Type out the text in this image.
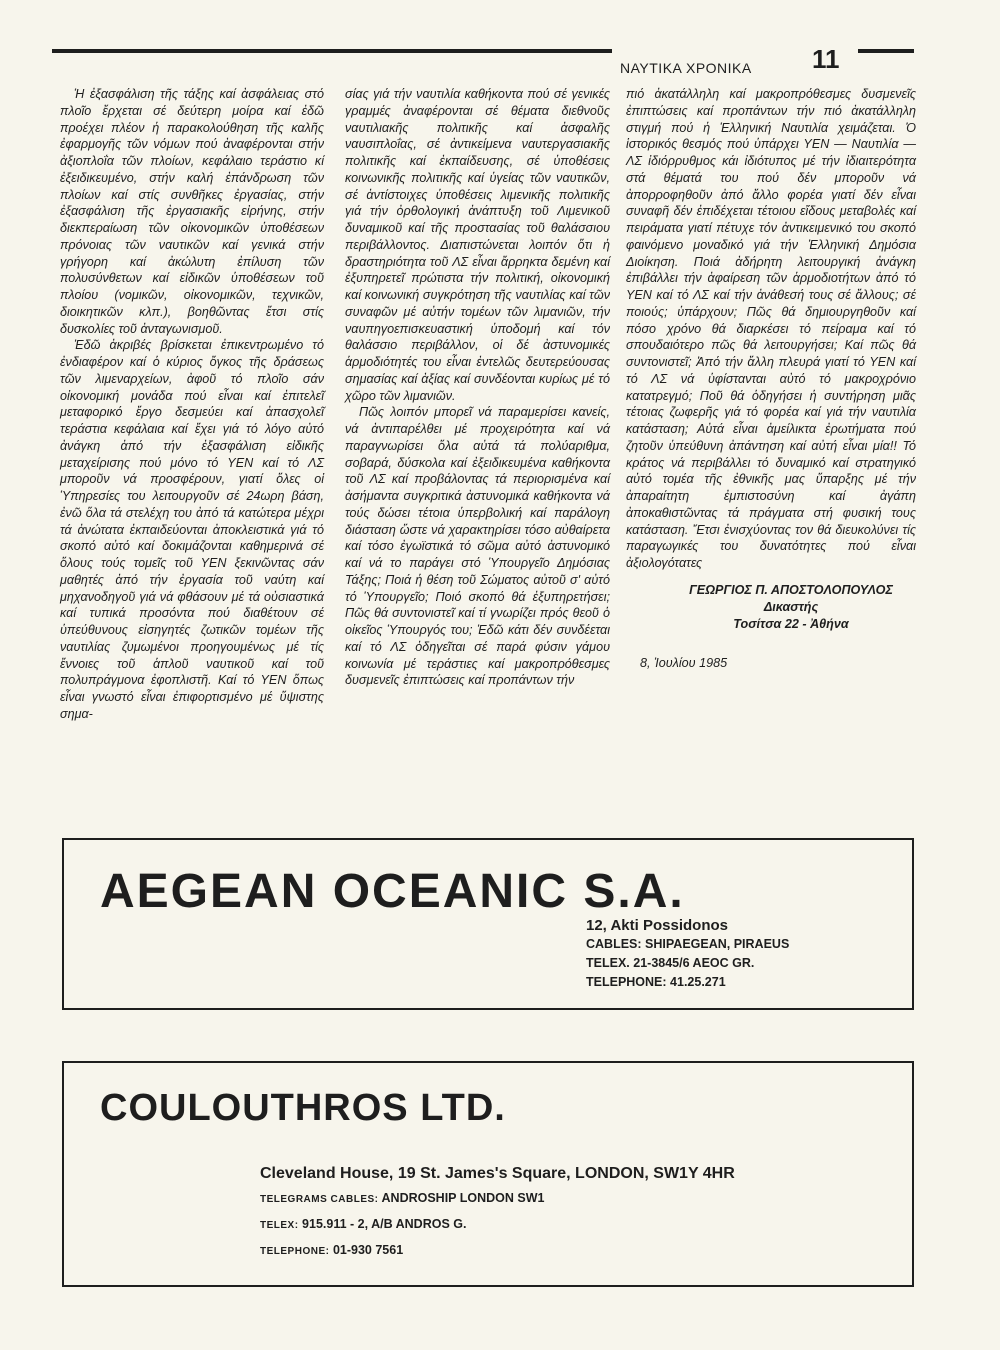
ΝΑΥΤΙΚΑ ΧΡΟΝΙΚΑ 11

Ἡ ἐξασφάλιση τῆς τάξης καί ἀσφάλειας στό πλοῖο ἔρχεται σέ δεύτερη μοίρα καί ἐδῶ προέχει πλέον ἡ παρακολούθηση τῆς καλῆς ἐφαρμογῆς τῶν νόμων πού ἀναφέρονται στήν ἀξιοπλοΐα τῶν πλοίων, κεφάλαιο τεράστιο κί ἐξειδικευμένο, στήν καλή ἐπάνδρωση τῶν πλοίων καί στίς συνθῆκες ἐργασίας, στήν ἐξασφάλιση τῆς ἐργασιακῆς εἰρήνης, στήν διεκπεραίωση τῶν οἰκονομικῶν ὑποθέσεων πρόνοιας τῶν ναυτικῶν καί γενικά στήν γρήγορη καί ἀκώλυτη ἐπίλυση τῶν πολυσύνθετων καί εἰδικῶν ὑποθέσεων τοῦ πλοίου (νομικῶν, οἰκονομικῶν, τεχνικῶν, διοικητικῶν κλπ.), βοηθῶντας ἔτσι στίς δυσκολίες τοῦ ἀνταγωνισμοῦ.

Ἐδῶ ἀκριβές βρίσκεται ἐπικεντρωμένο τό ἐνδιαφέρον καί ὁ κύριος ὄγκος τῆς δράσεως τῶν λιμεναρχείων, ἀφοῦ τό πλοῖο σάν οἰκονομική μονάδα πού εἶναι καί ἐπιτελεῖ μεταφορικό ἔργο δεσμεύει καί ἀπασχολεῖ τεράστια κεφάλαια καί ἔχει γιά τό λόγο αὐτό ἀνάγκη ἀπό τήν ἐξασφάλιση εἰδικῆς μεταχείρισης πού μόνο τό ΥΕΝ καί τό ΛΣ μποροῦν νά προσφέρουν, γιατί ὅλες οἱ Ὑπηρεσίες του λειτουργοῦν σέ 24ωρη βάση, ἐνῶ ὅλα τά στελέχη του ἀπό τά κατώτερα μέχρι τά ἀνώτατα ἐκπαιδεύονται ἀποκλειστικά γιά τό σκοπό αὐτό καί δοκιμάζονται καθημερινά σέ ὅλους τούς τομεῖς τοῦ ΥΕΝ ξεκινῶντας σάν μαθητές ἀπό τήν ἐργασία τοῦ ναύτη καί μηχανοδηγοῦ γιά νά φθάσουν μέ τά οὐσιαστικά καί τυπικά προσόντα πού διαθέτουν σέ ὑπεύθυνους εἰσηγητές ζωτικῶν τομέων τῆς ναυτιλίας ζυμωμένοι προηγουμένως μέ τίς ἔννοιες τοῦ ἁπλοῦ ναυτικοῦ καί τοῦ πολυπράγμονα ἐφοπλιστῆ. Καί τό ΥΕΝ ὅπως εἶναι γνωστό εἶναι ἐπιφορτισμένο μέ ὕψιστης σημα-

σίας γιά τήν ναυτιλία καθήκοντα πού σέ γενικές γραμμές ἀναφέρονται σέ θέματα διεθνοῦς ναυτιλιακῆς πολιτικῆς καί ἀσφαλῆς ναυσιπλοΐας, σέ ἀντικείμενα ναυτεργασιακῆς πολιτικῆς καί ἐκπαίδευσης, σέ ὑποθέσεις κοινωνικῆς πολιτικῆς καί ὑγείας τῶν ναυτικῶν, σέ ἀντίστοιχες ὑποθέσεις λιμενικῆς πολιτικῆς γιά τήν ὀρθολογική ἀνάπτυξη τοῦ Λιμενικοῦ δυναμικοῦ καί τῆς προστασίας τοῦ θαλάσσιου περιβάλλοντος. Διαπιστώνεται λοιπόν ὅτι ἡ δραστηριότητα τοῦ ΛΣ εἶναι ἄρρηκτα δεμένη καί ἐξυπηρετεῖ πρώτιστα τήν πολιτική, οἰκονομική καί κοινωνική συγκρότηση τῆς ναυτιλίας καί τῶν συναφῶν μέ αὐτήν τομέων τῶν λιμανιῶν, τήν ναυπηγοεπισκευαστική ὑποδομή καί τόν θαλάσσιο περιβάλλον, οἱ δέ ἀστυνομικές ἁρμοδιότητές του εἶναι ἐντελῶς δευτερεύουσας σημασίας καί ἀξίας καί συνδέονται κυρίως μέ τό χῶρο τῶν λιμανιῶν.

Πῶς λοιπόν μπορεῖ νά παραμερίσει κανείς, νά ἀντιπαρέλθει μέ προχειρότητα καί νά παραγνωρίσει ὅλα αὐτά τά πολύαριθμα, σοβαρά, δύσκολα καί ἐξειδικευμένα καθήκοντα τοῦ ΛΣ καί προβάλοντας τά περιορισμένα καί ἀσήμαντα συγκριτικά ἀστυνομικά καθήκοντα νά τούς δώσει τέτοια ὑπερβολική καί παράλογη διάσταση ὥστε νά χαρακτηρίσει τόσο αὐθαίρετα καί τόσο ἐγωϊστικά τό σῶμα αὐτό ἀστυνομικό καί νά το παράγει στό Ὑπουργεῖο Δημόσιας Τάξης; Ποιά ἡ θέση τοῦ Σώματος αὐτοῦ σ' αὐτό τό Ὑπουργεῖο; Ποιό σκοπό θά ἐξυπηρετήσει; Πῶς θά συντονιστεῖ καί τί γνωρίζει πρός θεοῦ ὁ οἰκεῖος Ὑπουργός του; Ἐδῶ κάτι δέν συνδέεται καί τό ΛΣ ὁδηγεῖται σέ παρά φύσιν γάμου κοινωνία μέ τεράστιες καί μακροπρόθεσμες δυσμενεῖς ἐπιπτώσεις καί προπάντων τήν

πιό ἀκατάλληλη καί μακροπρόθεσμες δυσμενεῖς ἐπιπτώσεις καί προπάντων τήν πιό ἀκατάλληλη στιγμή πού ἡ Ἑλληνική Ναυτιλία χειμάζεται. Ὁ ἱστορικός θεσμός πού ὑπάρχει ΥΕΝ — Ναυτιλία — ΛΣ ἰδιόρρυθμος κάι ἰδιότυπος μέ τήν ἰδιαιτερότητα στά θέματά του πού δέν μποροῦν νά ἀπορροφηθοῦν ἀπό ἄλλο φορέα γιατί δέν εἶναι συναφῆ δέν ἐπιδέχεται τέτοιου εἴδους μεταβολές καί πειράματα γιατί πέτυχε τόν ἀντικειμενικό του σκοπό φαινόμενο μοναδικό γιά τήν Ἑλληνική Δημόσια Διοίκηση. Ποιά ἀδήρητη λειτουργική ἀνάγκη ἐπιβάλλει τήν ἀφαίρεση τῶν ἁρμοδιοτήτων ἀπό τό ΥΕΝ καί τό ΛΣ καί τήν ἀνάθεσή τους σέ ἄλλους; σέ ποιούς; ὑπάρχουν; Πῶς θά δημιουργηθοῦν καί πόσο χρόνο θά διαρκέσει τό πείραμα καί τό σπουδαιότερο πῶς θά λειτουργήσει; Καί πῶς θά συντονιστεῖ; Ἀπό τήν ἄλλη πλευρά γιατί τό ΥΕΝ καί τό ΛΣ νά ὑφίστανται αὐτό τό μακροχρόνιο κατατρεγμό; Ποῦ θά ὁδηγήσει ἡ συντήρηση μιᾶς τέτοιας ζωφερῆς γιά τό φορέα καί γιά τήν ναυτιλία κατάσταση; Αὐτά εἶναι ἀμείλικτα ἐρωτήματα πού ζητοῦν ὑπεύθυνη ἀπάντηση καί αὐτή εἶναι μία!! Τό κράτος νά περιβάλλει τό δυναμικό καί στρατηγικό αὐτό τομέα τῆς ἐθνικῆς μας ὕπαρξης μέ τήν ἀπαραίτητη ἐμπιστοσύνη καί ἀγάπη ἀποκαθιστῶντας τά πράγματα στή φυσική τους κατάσταση. Ἔτσι ἐνισχύοντας τον θά διευκολύνει τίς παραγωγικές του δυνατότητες πού εἶναι ἀξιολογότατες

ΓΕΩΡΓΙΟΣ Π. ΑΠΟΣΤΟΛΟΠΟΥΛΟΣ
Δικαστής
Τοσίτσα 22 - Ἀθήνα
8, Ἰουλίου 1985
AEGEAN OCEANIC S.A.
12, Akti Possidonos
CABLES: SHIPAEGEAN, PIRAEUS
TELEX. 21-3845/6 AEOC GR.
TELEPHONE: 41.25.271
COULOUTHROS LTD.
Cleveland House, 19 St. James's Square, LONDON, SW1Y 4HR
TELEGRAMS CABLES: ANDROSHIP LONDON SW1
TELEX: 915.911 - 2, A/B ANDROS G.
TELEPHONE: 01-930 7561
